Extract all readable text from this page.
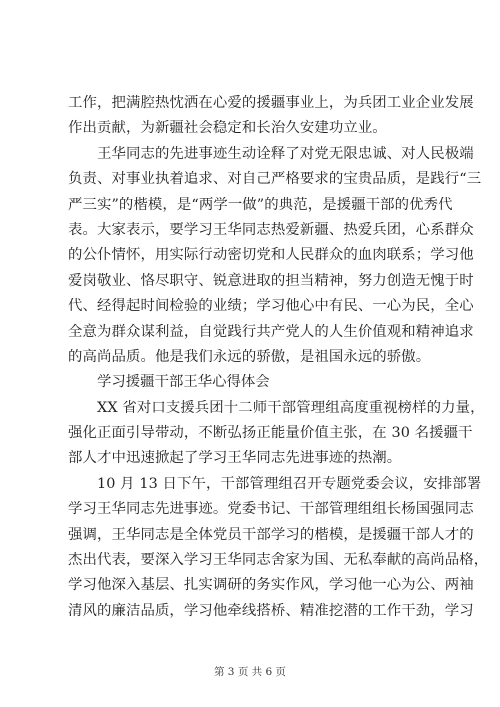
工作，把满腔热忱洒在心爱的援疆事业上，为兵团工业企业发展
作出贡献，为新疆社会稳定和长治久安建功立业。
　　王华同志的先进事迹生动诠释了对党无限忠诚、对人民极端
负责、对事业执着追求、对自己严格要求的宝贵品质，是践行“三
严三实”的楷模，是“两学一做”的典范，是援疆干部的优秀代
表。大家表示，要学习王华同志热爱新疆、热爱兵团，心系群众
的公仆情怀，用实际行动密切党和人民群众的血肉联系；学习他
爱岗敬业、恪尽职守、锐意进取的担当精神，努力创造无愧于时
代、经得起时间检验的业绩；学习他心中有民、一心为民，全心
全意为群众谋利益，自觉践行共产党人的人生价值观和精神追求
的高尚品质。他是我们永远的骄傲，是祖国永远的骄傲。
学习援疆干部王华心得体会
　　XX 省对口支援兵团十二师干部管理组高度重视榜样的力量，
强化正面引导带动，不断弘扬正能量价值主张，在 30 名援疆干
部人才中迅速掀起了学习王华同志先进事迹的热潮。
　　10 月 13 日下午，干部管理组召开专题党委会议，安排部署
学习王华同志先进事迹。党委书记、干部管理组组长杨国强同志
强调，王华同志是全体党员干部学习的楷模，是援疆干部人才的
杰出代表，要深入学习王华同志舍家为国、无私奉献的高尚品格，
学习他深入基层、扎实调研的务实作风，学习他一心为公、两袖
清风的廉洁品质，学习他牵线搭桥、精准挖潜的工作干劲，学习
第 3 页 共 6 页
